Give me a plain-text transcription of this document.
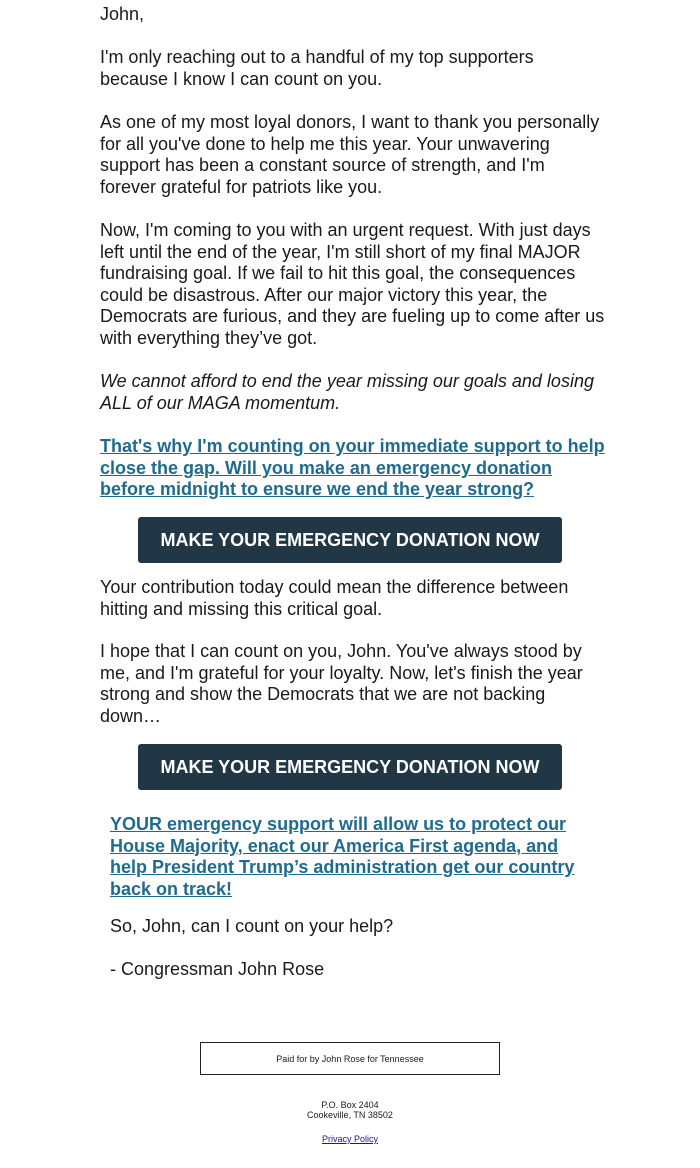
John,

I'm only reaching out to a handful of my top supporters because I know I can count on you.

As one of my most loyal donors, I want to thank you personally for all you've done to help me this year. Your unwavering support has been a constant source of strength, and I'm forever grateful for patriots like you.

Now, I'm coming to you with an urgent request. With just days left until the end of the year, I'm still short of my final MAJOR fundraising goal. If we fail to hit this goal, the consequences could be disastrous. After our major victory this year, the Democrats are furious, and they are fueling up to come after us with everything they’ve got.

We cannot afford to end the year missing our goals and losing ALL of our MAGA momentum.

That's why I'm counting on your immediate support to help close the gap. Will you make an emergency donation before midnight to ensure we end the year strong?
MAKE YOUR EMERGENCY DONATION NOW

Your contribution today could mean the difference between hitting and missing this critical goal.

I hope that I can count on you, John. You've always stood by me, and I'm grateful for your loyalty. Now, let's finish the year strong and show the Democrats that we are not backing down…

MAKE YOUR EMERGENCY DONATION NOW
YOUR emergency support will allow us to protect our House Majority, enact our America First agenda, and help President Trump’s administration get our country back on track!

So, John, can I count on your help?

- Congressman John Rose

Paid for by John Rose for Tennessee
P.O. Box 2404
Cookeville, TN 38502
Privacy Policy
